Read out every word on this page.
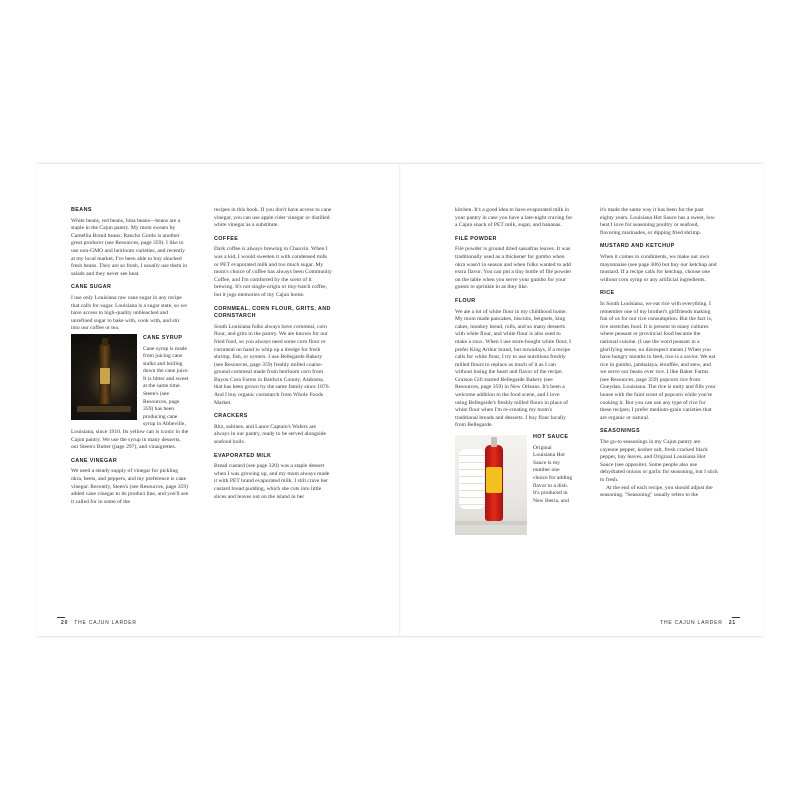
BEANS

White beans, red beans, lima beans—beans are a staple in the Cajun pantry. My mom swears by Camellia Brand beans; Rancho Gordo is another great producer (see Resources, page 359). I like to use non-GMO and heirloom varieties, and recently at my local market, I've been able to buy shucked fresh beans. They are so fresh, I usually use them in salads and they never see heat.

CANE SUGAR

I use only Louisiana raw cane sugar in any recipe that calls for sugar. Louisiana is a sugar state, so we have access to high-quality unbleached and unrefined sugar to bake with, cook with, and stir into our coffee or tea.

CANE SYRUP

Cane syrup is made from juicing cane stalks and boiling down the cane juice. It is bitter and sweet at the same time. Steen's (see Resources, page 359) has been producing cane syrup in Abbeville, Louisiana, since 1910. Its yellow can is iconic in the Cajun pantry. We use the syrup in many desserts, our Steen's Butter (page 297), and vinaigrettes.

CANE VINEGAR

We need a steady supply of vinegar for pickling okra, beets, and peppers, and my preference is cane vinegar. Recently, Steen's (see Resources, page 359) added cane vinegar to its product line, and you'll see it called for in some of the

recipes in this book. If you don't have access to cane vinegar, you can use apple cider vinegar or distilled white vinegar as a substitute.

COFFEE

Dark coffee is always brewing in Chauvin. When I was a kid, I would sweeten it with condensed milk or PET evaporated milk and too much sugar. My mom's choice of coffee has always been Community Coffee, and I'm comforted by the scent of it brewing. It's not single-origin or tiny-batch coffee, but it jogs memories of my Cajun home.

CORNMEAL, CORN FLOUR, GRITS, AND CORNSTARCH

South Louisiana folks always have cornmeal, corn flour, and grits in the pantry. We are known for our fried food, so you always need some corn flour or cornmeal on hand to whip up a dredge for fresh shrimp, fish, or oysters. I use Bellegarde Bakery (see Resources, page 359) freshly milled coarse-ground cornmeal made from heirloom corn from Bayou Cora Farms in Baldwin County, Alabama, that has been grown by the same family since 1876. And I buy organic cornstarch from Whole Foods Market.

CRACKERS

Ritz, saltines, and Lance Captain's Wafers are always in our pantry, ready to be served alongside seafood boils.

EVAPORATED MILK

Bread custard (see page 320) was a staple dessert when I was growing up, and my mom always made it with PET brand evaporated milk. I still crave her custard bread pudding, which she cuts into little slices and leaves out on the island in her

kitchen. It's a good idea to have evaporated milk in your pantry in case you have a late-night craving for a Cajun snack of PET milk, sugar, and bananas.

FILÉ POWDER

Filé powder is ground dried sassafras leaves. It was traditionally used as a thickener for gumbo when okra wasn't in season and when folks wanted to add extra flavor. You can put a tiny bottle of filé powder on the table when you serve your gumbo for your guests to sprinkle in as they like.

FLOUR

We ate a lot of white flour in my childhood home. My mom made pancakes, biscuits, beignets, king cakes, monkey bread, rolls, and so many desserts with white flour, and white flour is also used to make a roux. When I use store-bought white flour, I prefer King Arthur brand, but nowadays, if a recipe calls for white flour, I try to use nutritious freshly milled flours to replace as much of it as I can without losing the heart and flavor of the recipe. Graison Gill started Bellegarde Bakery (see Resources, page 359) in New Orleans. It's been a welcome addition to the food scene, and I love using Bellegarde's freshly milled flours in place of white flour when I'm re-creating my mom's traditional breads and desserts. I buy flour locally from Bellegarde.

HOT SAUCE

Original Louisiana Hot Sauce is my number one choice for adding flavor to a dish. It's produced in New Iberia, and

it's made the same way it has been for the past eighty years. Louisiana Hot Sauce has a sweet, low heat I love for seasoning poultry or seafood, flavoring marinades, or dipping fried shrimp.

MUSTARD AND KETCHUP

When it comes to condiments, we make our own mayonnaise (see page 306) but buy our ketchup and mustard. If a recipe calls for ketchup, choose one without corn syrup or any artificial ingredients.

RICE

In South Louisiana, we eat rice with everything. I remember one of my brother's girlfriends making fun of us for our rice consumption. But the fact is, rice stretches food. It is present in many cultures where peasant or provincial food became the national cuisine. (I use the word peasant in a glorifying sense, no disrespect meant.) When you have hungry mouths to feed, rice is a savior. We eat rice in gumbo, jambalaya, étouffée, and stew, and we serve our beans over rice. I like Baker Farms (see Resources, page 359) popcorn rice from Gueydan, Louisiana. The rice is nutty and fills your house with the faint scent of popcorn while you're cooking it. But you can use any type of rice for these recipes; I prefer medium-grain varieties that are organic or natural.

SEASONINGS

The go-to seasonings in my Cajun pantry are cayenne pepper, kosher salt, fresh cracked black pepper, bay leaves, and Original Louisiana Hot Sauce (see opposite). Some people also use dehydrated onions or garlic for seasoning, but I stick to fresh.

At the end of each recipe, you should adjust the seasoning. "Seasoning" usually refers to the

20 THE CAJUN LARDER	THE CAJUN LARDER 21
